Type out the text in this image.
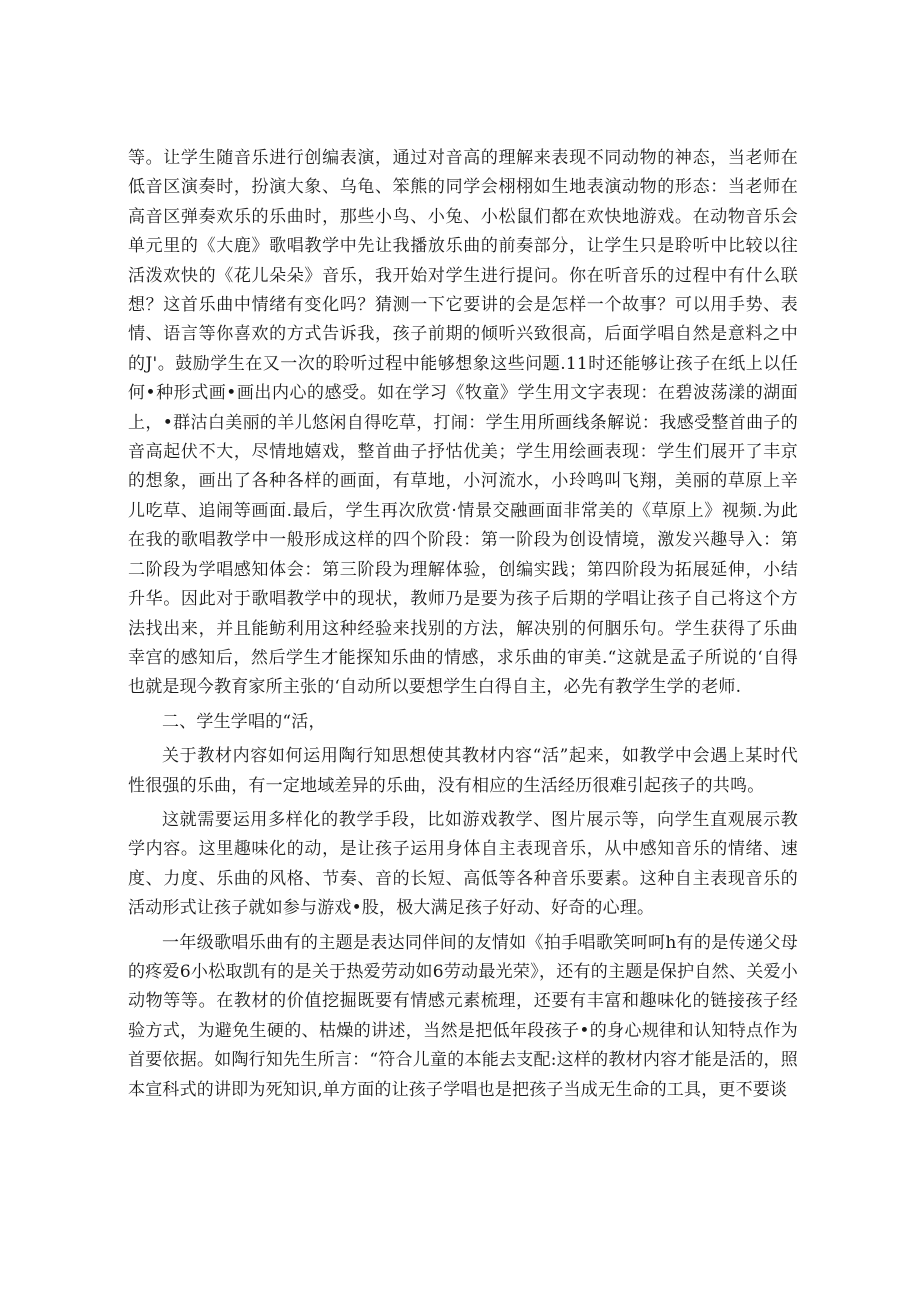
等。让学生随音乐进行创编表演，通过对音高的理解来表现不同动物的神态，当老师在低音区演奏时，扮演大象、乌龟、笨熊的同学会栩栩如生地表演动物的形态：当老师在高音区弹奏欢乐的乐曲时，那些小鸟、小兔、小松鼠们都在欢快地游戏。在动物音乐会单元里的《大鹿》歌唱教学中先让我播放乐曲的前奏部分，让学生只是聆听中比较以往活泼欢快的《花儿朵朵》音乐，我开始对学生进行提问。你在听音乐的过程中有什么联想？这首乐曲中情绪有变化吗？猜测一下它要讲的会是怎样一个故事？可以用手势、表情、语言等你喜欢的方式告诉我，孩子前期的倾听兴致很高，后面学唱自然是意料之中的J'。鼓励学生在又一次的聆听过程中能够想象这些问题.11时还能够让孩子在纸上以任何•种形式画•画出内心的感受。如在学习《牧童》学生用文字表现：在碧波荡漾的湖面上，•群沽白美丽的羊儿悠闲自得吃草，打闹：学生用所画线条解说：我感受整首曲子的音高起伏不大，尽情地嬉戏，整首曲子抒怙优美；学生用绘画表现：学生们展开了丰京的想象，画出了各种各样的画面，有草地，小河流水，小玲鸣叫飞翔，美丽的草原上辛儿吃草、追闹等画面.最后，学生再次欣赏·情景交融画面非常美的《草原上》视频.为此在我的歌唱教学中一般形成这样的四个阶段：第一阶段为创设情境，激发兴趣导入：第二阶段为学唱感知体会：第三阶段为理解体验，创编实践；第四阶段为拓展延伸，小结升华。因此对于歌唱教学中的现状，教师乃是要为孩子后期的学唱让孩子自己将这个方法找出来，并且能鲂利用这种经验来找别的方法，解决别的何胭乐句。学生获得了乐曲幸宫的感知后，然后学生才能探知乐曲的情感，求乐曲的审美.“这就是孟子所说的‘自得也就是现今教育家所主张的‘自动所以要想学生白得自主，必先有教学生学的老师.

二、学生学唱的“活，

关于教材内容如何运用陶行知思想使其教材内容“活”起来，如教学中会遇上某时代性很强的乐曲，有一定地域差异的乐曲，没有相应的生活经历很难引起孩子的共鸣。

这就需要运用多样化的教学手段，比如游戏教学、图片展示等，向学生直观展示教学内容。这里趣味化的动，是让孩子运用身体自主表现音乐，从中感知音乐的情绪、速度、力度、乐曲的风格、节奏、音的长短、高低等各种音乐要素。这种自主表现音乐的活动形式让孩子就如参与游戏•股，极大满足孩子好动、好奇的心理。

一年级歌唱乐曲有的主题是表达同伴间的友情如《拍手唱歌笑呵呵h有的是传递父母的疼爱6小松取凯有的是关于热爱劳动如6劳动最光荣》，还有的主题是保护自然、关爱小动物等等。在教材的价值挖掘既要有情感元素梳理，还要有丰富和趣味化的链接孩子经验方式，为避免生硬的、枯燥的讲述，当然是把低年段孩子•的身心规律和认知特点作为首要依据。如陶行知先生所言：“符合儿童的本能去支配:这样的教材内容才能是活的，照本宣科式的讲即为死知识,单方面的让孩子学唱也是把孩子当成无生命的工具，更不要谈
